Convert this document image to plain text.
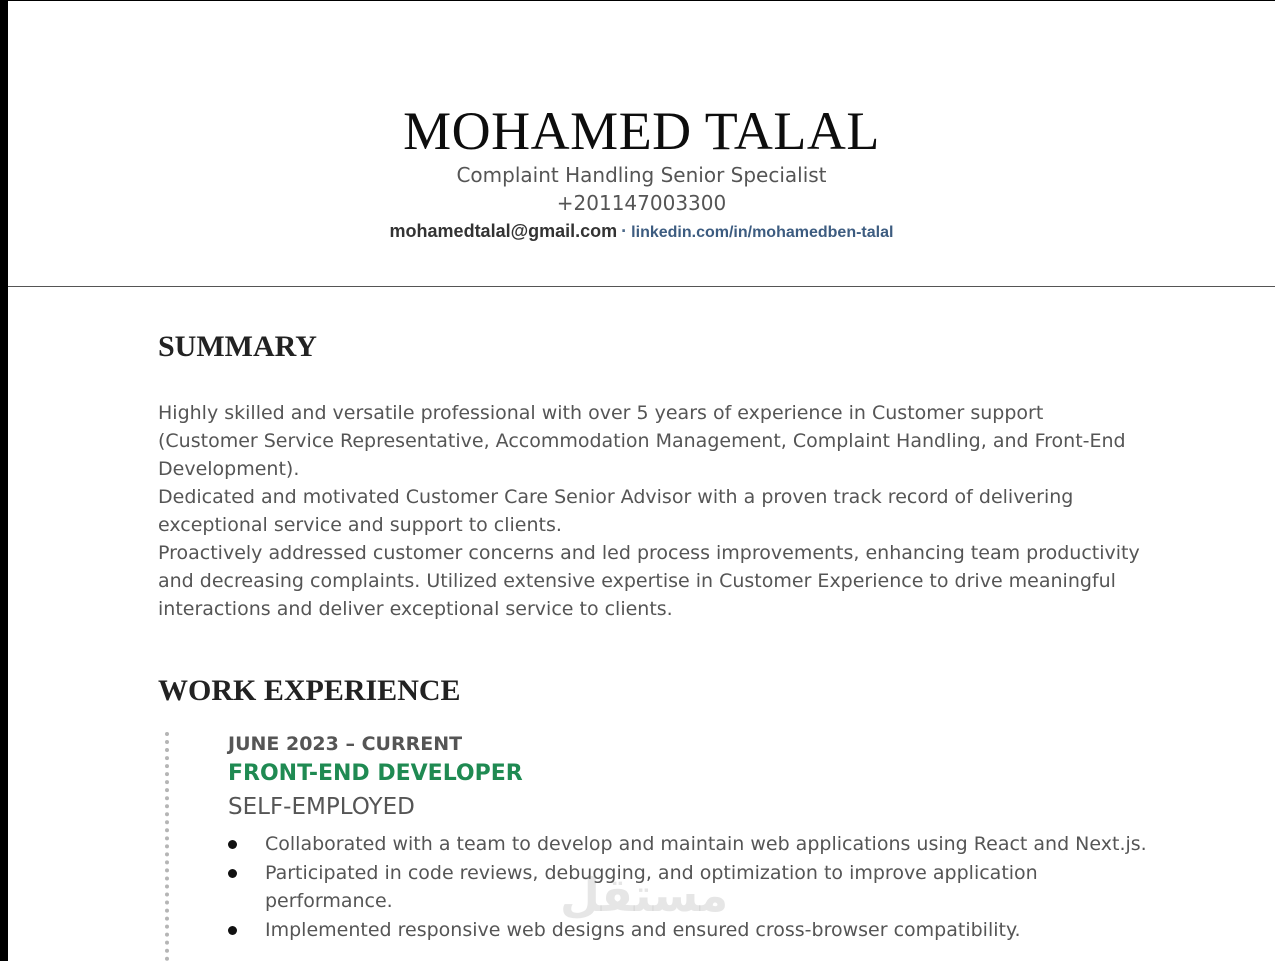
MOHAMED TALAL
Complaint Handling Senior Specialist
+201147003300
mohamedtalal@gmail.com · linkedin.com/in/mohamedben-talal
SUMMARY

Highly skilled and versatile professional with over 5 years of experience in Customer support (Customer Service Representative, Accommodation Management, Complaint Handling, and Front-End Development).
Dedicated and motivated Customer Care Senior Advisor with a proven track record of delivering exceptional service and support to clients.
Proactively addressed customer concerns and led process improvements, enhancing team productivity and decreasing complaints. Utilized extensive expertise in Customer Experience to drive meaningful interactions and deliver exceptional service to clients.

WORK EXPERIENCE
JUNE 2023 – CURRENT
FRONT-END DEVELOPER
SELF-EMPLOYED
Collaborated with a team to develop and maintain web applications using React and Next.js.
Participated in code reviews, debugging, and optimization to improve application performance.
Implemented responsive web designs and ensured cross-browser compatibility.
مستقل
